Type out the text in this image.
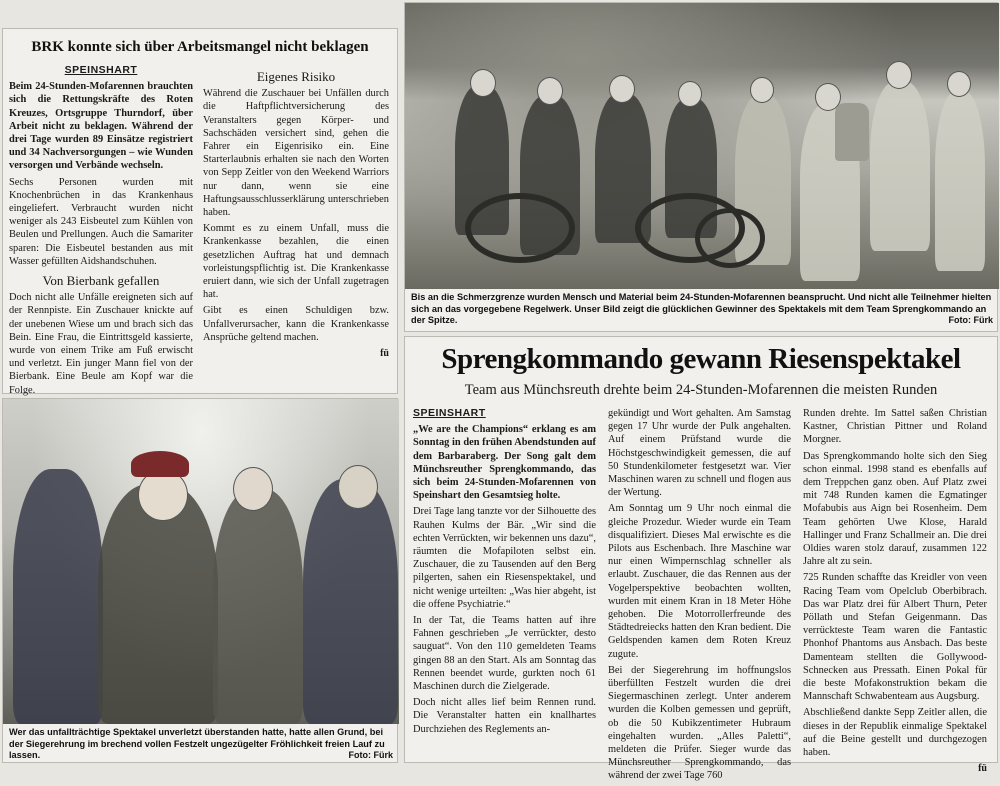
BRK konnte sich über Arbeitsmangel nicht beklagen
SPEINSHART

Beim 24-Stunden-Mofarennen brauchten sich die Rettungskräfte des Roten Kreuzes, Ortsgruppe Thurndorf, über Arbeit nicht zu beklagen. Während der drei Tage wurden 89 Einsätze registriert und 34 Nachversorgungen – wie Wunden versorgen und Verbände wechseln.

Sechs Personen wurden mit Knochenbrüchen in das Krankenhaus eingeliefert. Verbraucht wurden nicht weniger als 243 Eisbeutel zum Kühlen von Beulen und Prellungen. Auch die Samariter sparen: Die Eisbeutel bestanden aus mit Wasser gefüllten Aidshandschuhen.

Von Bierbank gefallen

Doch nicht alle Unfälle ereigneten sich auf der Rennpiste. Ein Zuschauer knickte auf der unebenen Wiese um und brach sich das Bein. Eine Frau, die Eintrittsgeld kassierte, wurde von einem Trike am Fuß erwischt und verletzt. Ein junger Mann fiel von der Bierbank. Eine Beule am Kopf war die Folge.

Eigenes Risiko

Während die Zuschauer bei Unfällen durch die Haftpflichtversicherung des Veranstalters gegen Körper- und Sachschäden versichert sind, gehen die Fahrer ein Eigenrisiko ein. Eine Starterlaubnis erhalten sie nach den Worten von Sepp Zeitler von den Weekend Warriors nur dann, wenn sie eine Haftungsausschlusserklärung unterschrieben haben.

Kommt es zu einem Unfall, muss die Krankenkasse bezahlen, die einen gesetzlichen Auftrag hat und demnach vorleistungspflichtig ist. Die Krankenkasse eruiert dann, wie sich der Unfall zugetragen hat.

Gibt es einen Schuldigen bzw. Unfallverursacher, kann die Krankenkasse Ansprüche geltend machen.

fü
Bis an die Schmerzgrenze wurden Mensch und Material beim 24-Stunden-Mofarennen beansprucht. Und nicht alle Teilnehmer hielten sich an das vorgegebene Regelwerk. Unser Bild zeigt die glücklichen Gewinner des Spektakels mit dem Team Sprengkommando an der Spitze.	Foto: Fürk
Wer das unfallträchtige Spektakel unverletzt überstanden hatte, hatte allen Grund, bei der Siegerehrung im brechend vollen Festzelt ungezügelter Fröhlichkeit freien Lauf zu lassen.	Foto: Fürk
Sprengkommando gewann Riesenspektakel
Team aus Münchsreuth drehte beim 24-Stunden-Mofarennen die meisten Runden
SPEINSHART

„We are the Champions“ erklang es am Sonntag in den frühen Abendstunden auf dem Barbaraberg. Der Song galt dem Münchsreuther Sprengkommando, das sich beim 24-Stunden-Mofarennen von Speinshart den Gesamtsieg holte.

Drei Tage lang tanzte vor der Silhouette des Rauhen Kulms der Bär. „Wir sind die echten Verrückten, wir bekennen uns dazu“, räumten die Mofapiloten selbst ein. Zuschauer, die zu Tausenden auf den Berg pilgerten, sahen ein Riesenspektakel, und nicht wenige urteilten: „Was hier abgeht, ist die offene Psychiatrie.“

In der Tat, die Teams hatten auf ihre Fahnen geschrieben „Je verrückter, desto sauguat“. Von den 110 gemeldeten Teams gingen 88 an den Start. Als am Sonntag das Rennen beendet wurde, gurkten noch 61 Maschinen durch die Zielgerade.

Doch nicht alles lief beim Rennen rund. Die Veranstalter hatten ein knallhartes Durchziehen des Reglements an-

gekündigt und Wort gehalten. Am Samstag gegen 17 Uhr wurde der Pulk angehalten. Auf einem Prüfstand wurde die Höchstgeschwindigkeit gemessen, die auf 50 Stundenkilometer festgesetzt war. Vier Maschinen waren zu schnell und flogen aus der Wertung.

Am Sonntag um 9 Uhr noch einmal die gleiche Prozedur. Wieder wurde ein Team disqualifiziert. Dieses Mal erwischte es die Pilots aus Eschenbach. Ihre Maschine war nur einen Wimpernschlag schneller als erlaubt. Zuschauer, die das Rennen aus der Vogelperspektive beobachten wollten, wurden mit einem Kran in 18 Meter Höhe gehoben. Die Motorrollerfreunde des Städtedreiecks hatten den Kran bedient. Die Geldspenden kamen dem Roten Kreuz zugute.

Bei der Siegerehrung im hoffnungslos überfüllten Festzelt wurden die drei Siegermaschinen zerlegt. Unter anderem wurden die Kolben gemessen und geprüft, ob die 50 Kubikzentimeter Hubraum eingehalten wurden. „Alles Paletti“, meldeten die Prüfer. Sieger wurde das Münchsreuther Sprengkommando, das während der zwei Tage 760

Runden drehte. Im Sattel saßen Christian Kastner, Christian Pittner und Roland Morgner.

Das Sprengkommando holte sich den Sieg schon einmal. 1998 stand es ebenfalls auf dem Treppchen ganz oben. Auf Platz zwei mit 748 Runden kamen die Egmatinger Mofabubis aus Aign bei Rosenheim. Dem Team gehörten Uwe Klose, Harald Hallinger und Franz Schallmeir an. Die drei Oldies waren stolz darauf, zusammen 122 Jahre alt zu sein.

725 Runden schaffte das Kreidler von veen Racing Team vom Opelclub Oberbibrach. Das war Platz drei für Albert Thurn, Peter Pöllath und Stefan Geigenmann. Das verrückteste Team waren die Fantastic Phonhof Phantoms aus Ansbach. Das beste Damenteam stellten die Gollywood-Schnecken aus Pressath. Einen Pokal für die beste Mofakonstruktion bekam die Mannschaft Schwabenteam aus Augsburg.

Abschließend dankte Sepp Zeitler allen, die dieses in der Republik einmalige Spektakel auf die Beine gestellt und durchgezogen haben.

fü
